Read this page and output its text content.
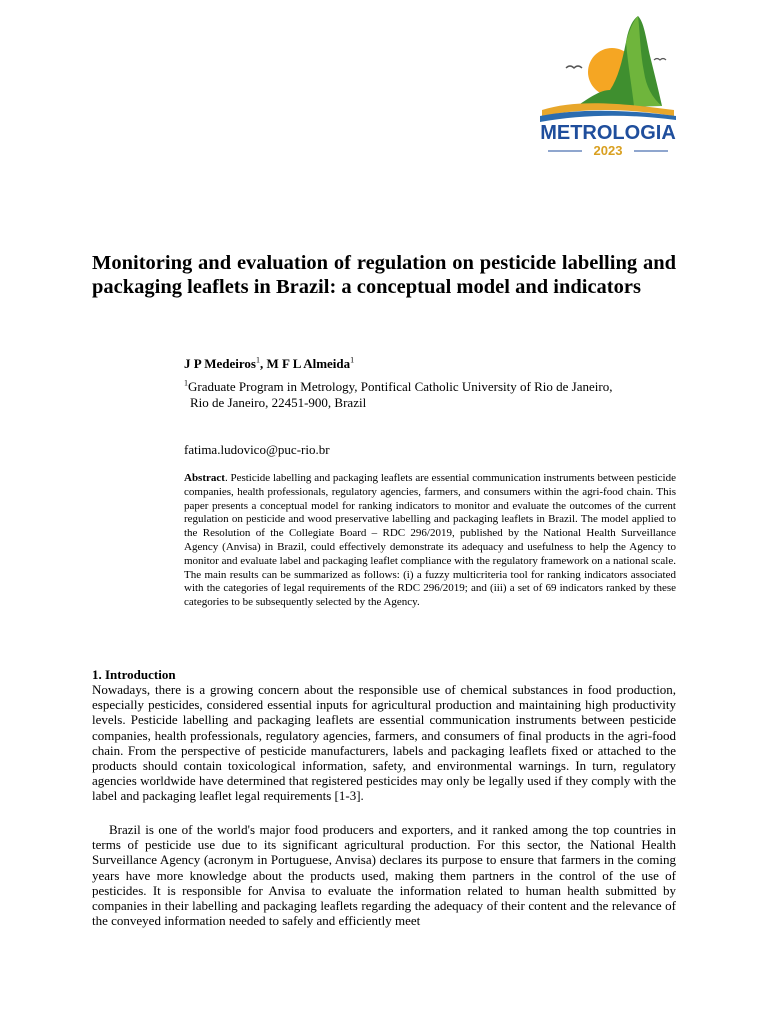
METROLOGIA
2023
Monitoring and evaluation of regulation on pesticide labelling and packaging leaflets in Brazil: a conceptual model and indicators
J P Medeiros$^1$, M F L Almeida$^1$
$^1$Graduate Program in Metrology, Pontifical Catholic University of Rio de Janeiro,
Rio de Janeiro, 22451-900, Brazil
fatima.ludovico@puc-rio.br

Abstract. Pesticide labelling and packaging leaflets are essential communication instruments between pesticide companies, health professionals, regulatory agencies, farmers, and consumers within the agri-food chain. This paper presents a conceptual model for ranking indicators to monitor and evaluate the outcomes of the current regulation on pesticide and wood preservative labelling and packaging leaflets in Brazil. The model applied to the Resolution of the Collegiate Board – RDC 296/2019, published by the National Health Surveillance Agency (Anvisa) in Brazil, could effectively demonstrate its adequacy and usefulness to help the Agency to monitor and evaluate label and packaging leaflet compliance with the regulatory framework on a national scale. The main results can be summarized as follows: (i) a fuzzy multicriteria tool for ranking indicators associated with the categories of legal requirements of the RDC 296/2019; and (iii) a set of 69 indicators ranked by these categories to be subsequently selected by the Agency.

1. Introduction

Nowadays, there is a growing concern about the responsible use of chemical substances in food production, especially pesticides, considered essential inputs for agricultural production and maintaining high productivity levels. Pesticide labelling and packaging leaflets are essential communication instruments between pesticide companies, health professionals, regulatory agencies, farmers, and consumers of final products in the agri-food chain. From the perspective of pesticide manufacturers, labels and packaging leaflets fixed or attached to the products should contain toxicological information, safety, and environmental warnings. In turn, regulatory agencies worldwide have determined that registered pesticides may only be legally used if they comply with the label and packaging leaflet legal requirements [1-3].

Brazil is one of the world's major food producers and exporters, and it ranked among the top countries in terms of pesticide use due to its significant agricultural production. For this sector, the National Health Surveillance Agency (acronym in Portuguese, Anvisa) declares its purpose to ensure that farmers in the coming years have more knowledge about the products used, making them partners in the control of the use of pesticides. It is responsible for Anvisa to evaluate the information related to human health submitted by companies in their labelling and packaging leaflets regarding the adequacy of their content and the relevance of the conveyed information needed to safely and efficiently meet
